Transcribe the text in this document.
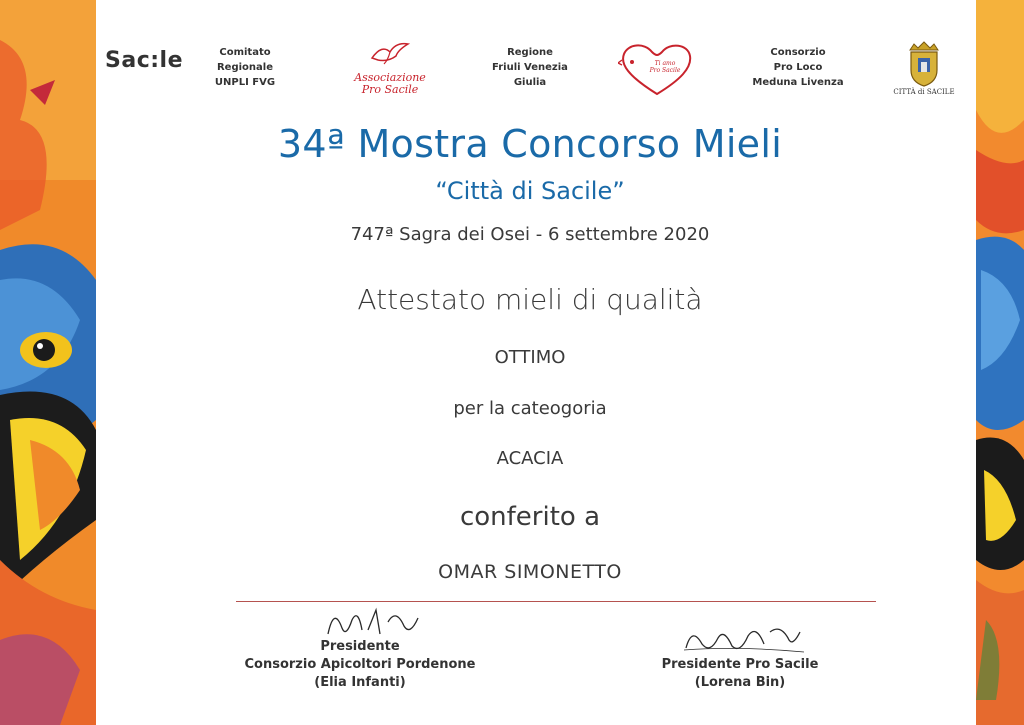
Sac:le	Comitato
Regionale
UNPLI FVG	Associazione
Pro Sacile
Regione
Friuli Venezia
Giulia
Ti amo
Pro Sacile
Consorzio
Pro Loco
Meduna Livenza
CITTÀ di SACILE
34ª Mostra Concorso Mieli
“Città di Sacile”
747ª Sagra dei Osei - 6 settembre 2020
Attestato mieli di qualità
OTTIMO
per la cateogoria
ACACIA
conferito a
OMAR SIMONETTO
Presidente
Consorzio Apicoltori Pordenone
(Elia Infanti)
Presidente Pro Sacile
(Lorena Bin)
